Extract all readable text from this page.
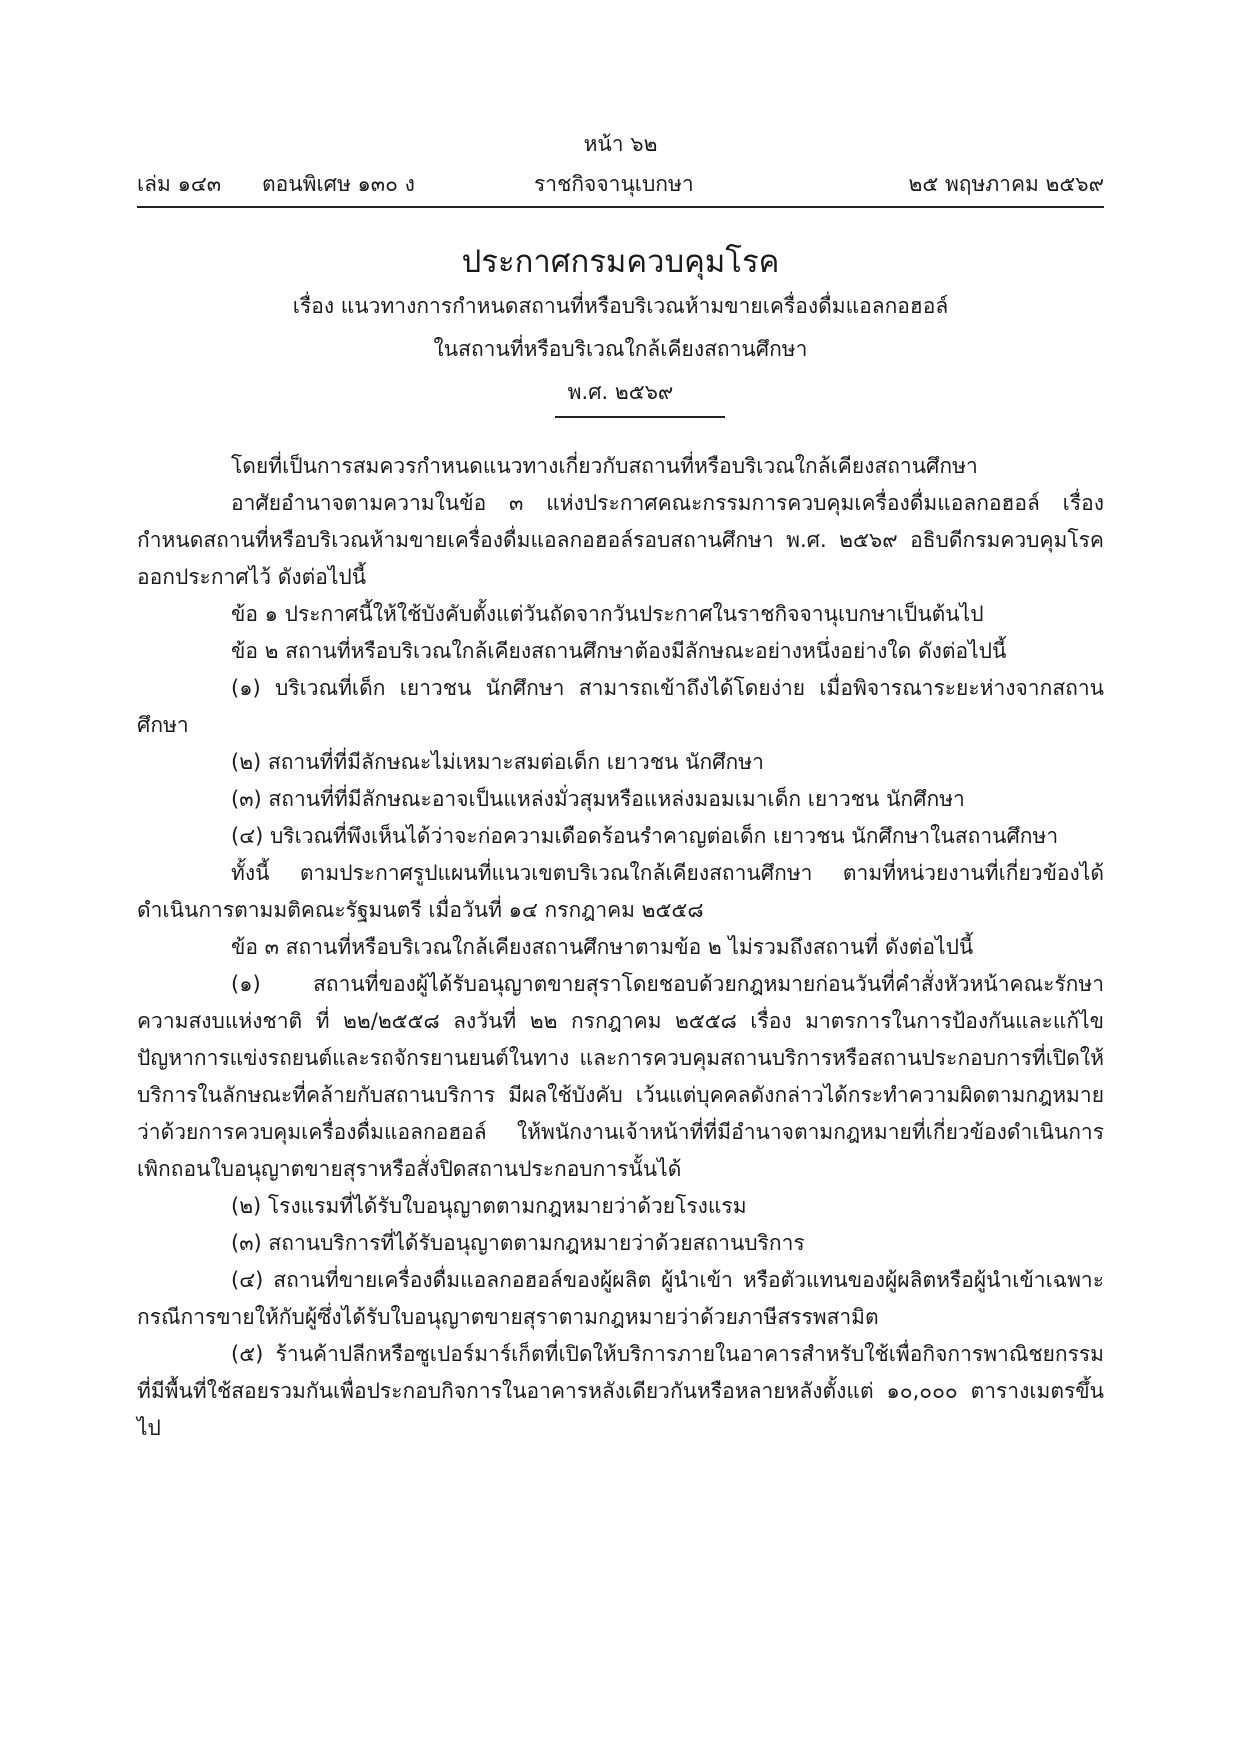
หน้า ๖๒
เล่ม ๑๔๓ ตอนพิเศษ ๑๓๐ ง	ราชกิจจานุเบกษา	๒๕ พฤษภาคม ๒๕๖๙
ประกาศกรมควบคุมโรค
เรื่อง แนวทางการกำหนดสถานที่หรือบริเวณห้ามขายเครื่องดื่มแอลกอฮอล์
ในสถานที่หรือบริเวณใกล้เคียงสถานศึกษา
พ.ศ. ๒๕๖๙

โดยที่เป็นการสมควรกำหนดแนวทางเกี่ยวกับสถานที่หรือบริเวณใกล้เคียงสถานศึกษา

อาศัยอำนาจตามความในข้อ ๓ แห่งประกาศคณะกรรมการควบคุมเครื่องดื่มแอลกอฮอล์ เรื่อง กำหนดสถานที่หรือบริเวณห้ามขายเครื่องดื่มแอลกอฮอล์รอบสถานศึกษา พ.ศ. ๒๕๖๙ อธิบดีกรมควบคุมโรค ออกประกาศไว้ ดังต่อไปนี้

ข้อ ๑ ประกาศนี้ให้ใช้บังคับตั้งแต่วันถัดจากวันประกาศในราชกิจจานุเบกษาเป็นต้นไป

ข้อ ๒ สถานที่หรือบริเวณใกล้เคียงสถานศึกษาต้องมีลักษณะอย่างหนึ่งอย่างใด ดังต่อไปนี้

(๑) บริเวณที่เด็ก เยาวชน นักศึกษา สามารถเข้าถึงได้โดยง่าย เมื่อพิจารณาระยะห่างจากสถานศึกษา

(๒) สถานที่ที่มีลักษณะไม่เหมาะสมต่อเด็ก เยาวชน นักศึกษา

(๓) สถานที่ที่มีลักษณะอาจเป็นแหล่งมั่วสุมหรือแหล่งมอมเมาเด็ก เยาวชน นักศึกษา

(๔) บริเวณที่พึงเห็นได้ว่าจะก่อความเดือดร้อนรำคาญต่อเด็ก เยาวชน นักศึกษาในสถานศึกษา

ทั้งนี้ ตามประกาศรูปแผนที่แนวเขตบริเวณใกล้เคียงสถานศึกษา ตามที่หน่วยงานที่เกี่ยวข้องได้ดำเนินการตามมติคณะรัฐมนตรี เมื่อวันที่ ๑๔ กรกฎาคม ๒๕๕๘

ข้อ ๓ สถานที่หรือบริเวณใกล้เคียงสถานศึกษาตามข้อ ๒ ไม่รวมถึงสถานที่ ดังต่อไปนี้

(๑) สถานที่ของผู้ได้รับอนุญาตขายสุราโดยชอบด้วยกฎหมายก่อนวันที่คำสั่งหัวหน้าคณะรักษาความสงบแห่งชาติ ที่ ๒๒/๒๕๕๘ ลงวันที่ ๒๒ กรกฎาคม ๒๕๕๘ เรื่อง มาตรการในการป้องกันและแก้ไขปัญหาการแข่งรถยนต์และรถจักรยานยนต์ในทาง และการควบคุมสถานบริการหรือสถานประกอบการที่เปิดให้บริการในลักษณะที่คล้ายกับสถานบริการ มีผลใช้บังคับ เว้นแต่บุคคลดังกล่าวได้กระทำความผิดตามกฎหมายว่าด้วยการควบคุมเครื่องดื่มแอลกอฮอล์ ให้พนักงานเจ้าหน้าที่ที่มีอำนาจตามกฎหมายที่เกี่ยวข้องดำเนินการเพิกถอนใบอนุญาตขายสุราหรือสั่งปิดสถานประกอบการนั้นได้

(๒) โรงแรมที่ได้รับใบอนุญาตตามกฎหมายว่าด้วยโรงแรม

(๓) สถานบริการที่ได้รับอนุญาตตามกฎหมายว่าด้วยสถานบริการ

(๔) สถานที่ขายเครื่องดื่มแอลกอฮอล์ของผู้ผลิต ผู้นำเข้า หรือตัวแทนของผู้ผลิตหรือผู้นำเข้าเฉพาะกรณีการขายให้กับผู้ซึ่งได้รับใบอนุญาตขายสุราตามกฎหมายว่าด้วยภาษีสรรพสามิต

(๕) ร้านค้าปลีกหรือซูเปอร์มาร์เก็ตที่เปิดให้บริการภายในอาคารสำหรับใช้เพื่อกิจการพาณิชยกรรมที่มีพื้นที่ใช้สอยรวมกันเพื่อประกอบกิจการในอาคารหลังเดียวกันหรือหลายหลังตั้งแต่ ๑๐,๐๐๐ ตารางเมตรขึ้นไป
